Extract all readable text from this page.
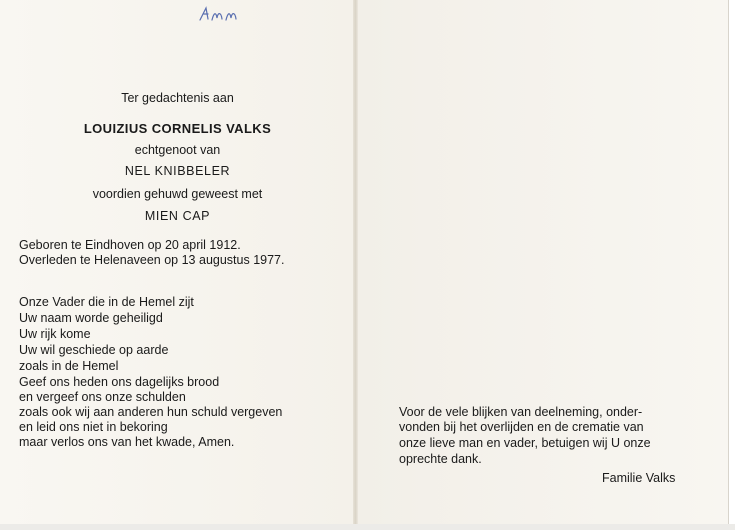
Ter gedachtenis aan
LOUIZIUS CORNELIS VALKS
echtgenoot van
NEL KNIBBELER
voordien gehuwd geweest met
MIEN CAP
Geboren te Eindhoven op 20 april 1912.
Overleden te Helenaveen op 13 augustus 1977.
Onze Vader die in de Hemel zijt
Uw naam worde geheiligd
Uw rijk kome
Uw wil geschiede op aarde
zoals in de Hemel
Geef ons heden ons dagelijks brood
en vergeef ons onze schulden
zoals ook wij aan anderen hun schuld vergeven
en leid ons niet in bekoring
maar verlos ons van het kwade, Amen.
Voor de vele blijken van deelneming, onder-
vonden bij het overlijden en de crematie van
onze lieve man en vader, betuigen wij U onze
oprechte dank.
Familie Valks
